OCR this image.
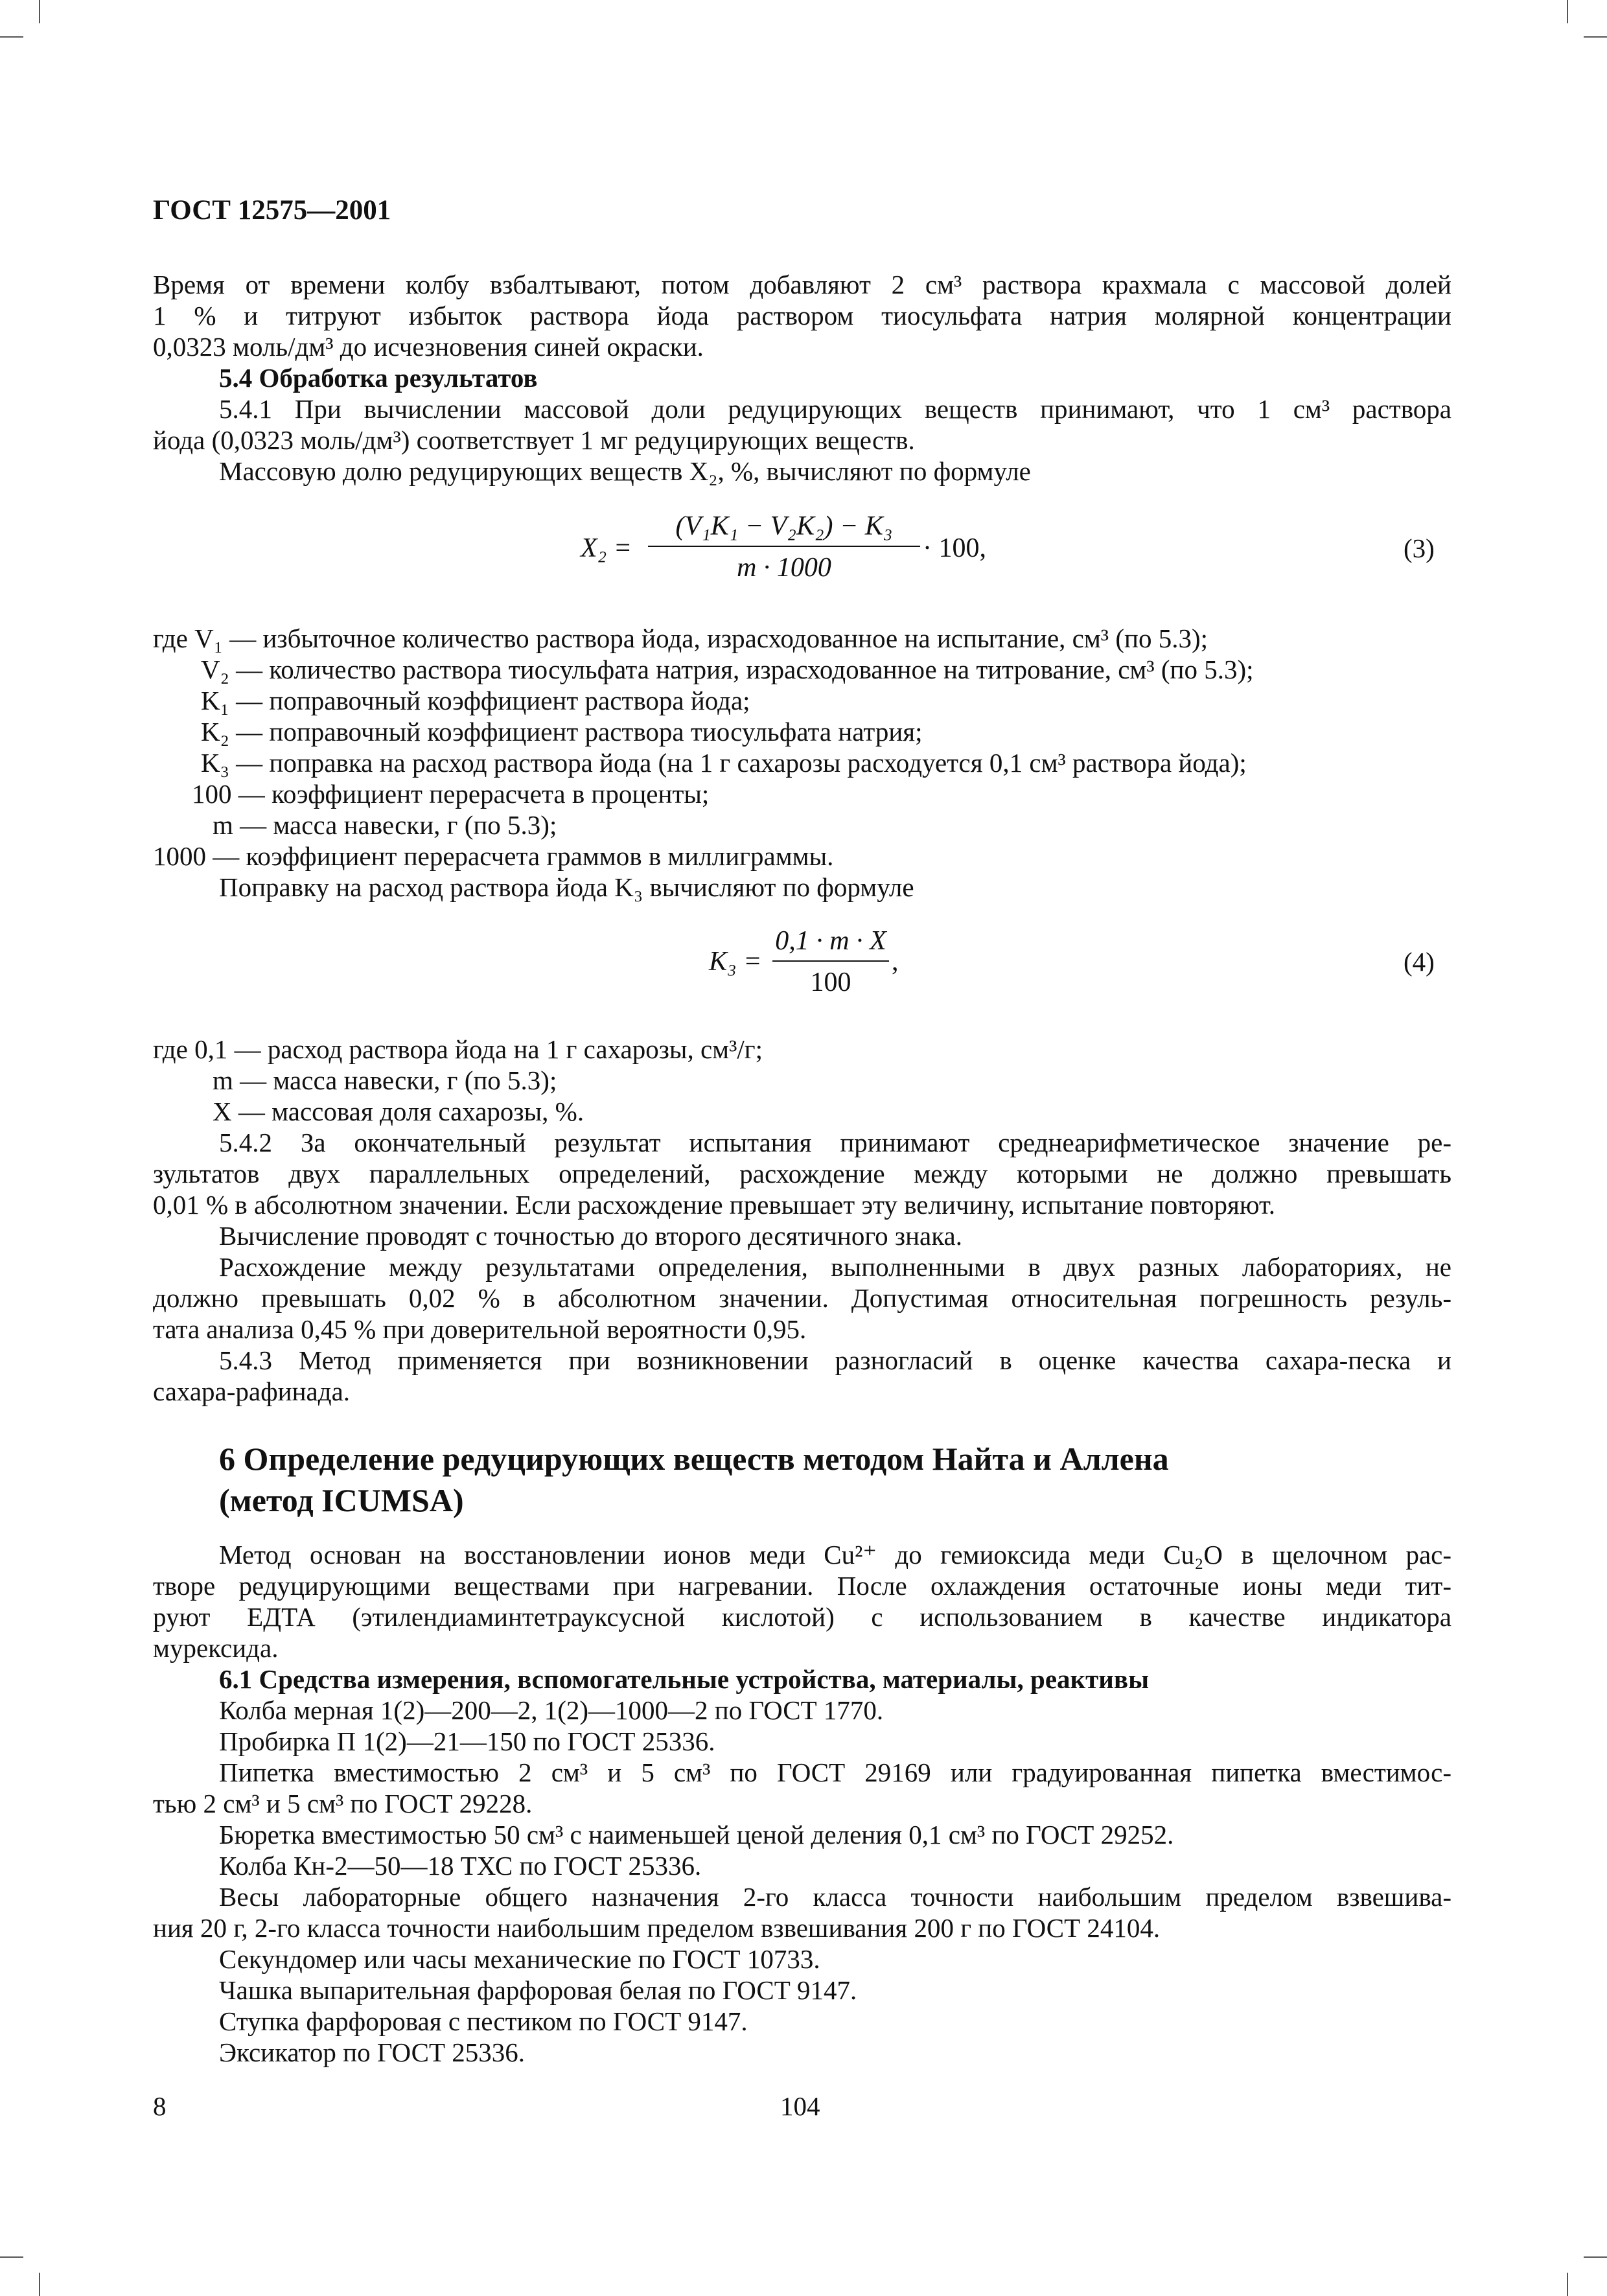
ГОСТ 12575—2001
Время от времени колбу взбалтывают, потом добавляют 2 см³ раствора крахмала с массовой долей
1 % и титруют избыток раствора йода раствором тиосульфата натрия молярной концентрации
0,0323 моль/дм³ до исчезновения синей окраски.
5.4 Обработка результатов
5.4.1 При вычислении массовой доли редуцирующих веществ принимают, что 1 см³ раствора
йода (0,0323 моль/дм³) соответствует 1 мг редуцирующих веществ.
Массовую долю редуцирующих веществ X₂, %, вычисляют по формуле
X₂ =
(V₁K₁ − V₂K₂) − K₃
m · 1000
· 100,	(3)
где V₁ — избыточное количество раствора йода, израсходованное на испытание, см³ (по 5.3);
V₂ — количество раствора тиосульфата натрия, израсходованное на титрование, см³ (по 5.3);
K₁ — поправочный коэффициент раствора йода;
K₂ — поправочный коэффициент раствора тиосульфата натрия;
K₃ — поправка на расход раствора йода (на 1 г сахарозы расходуется 0,1 см³ раствора йода);
100 — коэффициент перерасчета в проценты;
m — масса навески, г (по 5.3);
1000 — коэффициент перерасчета граммов в миллиграммы.
Поправку на расход раствора йода K₃ вычисляют по формуле
K₃ =
0,1 · m · X
100
,	(4)
где 0,1 — расход раствора йода на 1 г сахарозы, см³/г;
m — масса навески, г (по 5.3);
X — массовая доля сахарозы, %.
5.4.2 За окончательный результат испытания принимают среднеарифметическое значение ре-
зультатов двух параллельных определений, расхождение между которыми не должно превышать
0,01 % в абсолютном значении. Если расхождение превышает эту величину, испытание повторяют.
Вычисление проводят с точностью до второго десятичного знака.
Расхождение между результатами определения, выполненными в двух разных лабораториях, не
должно превышать 0,02 % в абсолютном значении. Допустимая относительная погрешность резуль-
тата анализа 0,45 % при доверительной вероятности 0,95.
5.4.3 Метод применяется при возникновении разногласий в оценке качества сахара-песка и
сахара-рафинада.
6 Определение редуцирующих веществ методом Найта и Аллена
(метод ICUMSA)
Метод основан на восстановлении ионов меди Cu²⁺ до гемиоксида меди Cu₂O в щелочном рас-
творе редуцирующими веществами при нагревании. После охлаждения остаточные ионы меди тит-
руют ЕДТА (этилендиаминтетрауксусной кислотой) с использованием в качестве индикатора
мурексида.
6.1 Средства измерения, вспомогательные устройства, материалы, реактивы
Колба мерная 1(2)—200—2, 1(2)—1000—2 по ГОСТ 1770.
Пробирка П 1(2)—21—150 по ГОСТ 25336.
Пипетка вместимостью 2 см³ и 5 см³ по ГОСТ 29169 или градуированная пипетка вместимос-
тью 2 см³ и 5 см³ по ГОСТ 29228.
Бюретка вместимостью 50 см³ с наименьшей ценой деления 0,1 см³ по ГОСТ 29252.
Колба Кн-2—50—18 ТХС по ГОСТ 25336.
Весы лабораторные общего назначения 2-го класса точности наибольшим пределом взвешива-
ния 20 г, 2-го класса точности наибольшим пределом взвешивания 200 г по ГОСТ 24104.
Секундомер или часы механические по ГОСТ 10733.
Чашка выпарительная фарфоровая белая по ГОСТ 9147.
Ступка фарфоровая с пестиком по ГОСТ 9147.
Эксикатор по ГОСТ 25336.
8	104
